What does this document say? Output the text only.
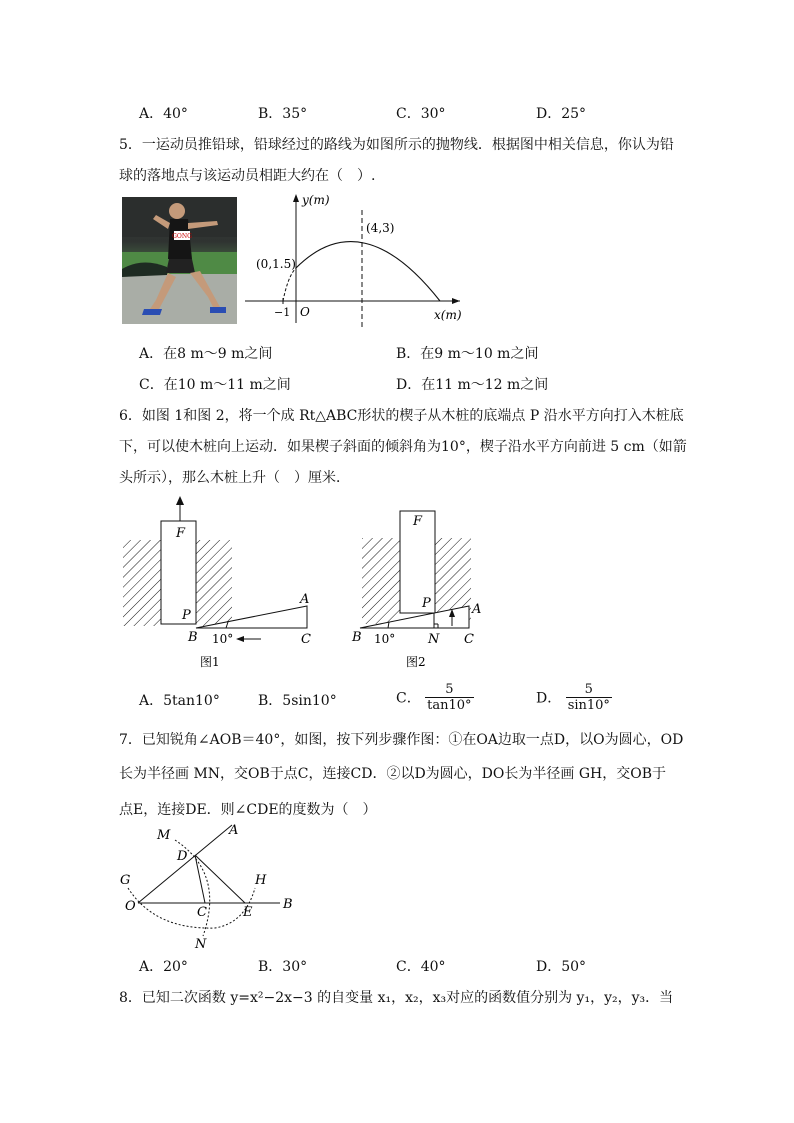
A．40°	B．35°	C．30°	D．25°
5．一运动员推铅球，铅球经过的路线为如图所示的抛物线．根据图中相关信息，你认为铅
球的落地点与该运动员相距大约在（　）.
GONG
y(m)
x(m)
O
−1
(0,1.5)
(4,3)
A．在8 m～9 m之间	B．在9 m～10 m之间
C．在10 m～11 m之间	D．在11 m～12 m之间
6．如图 1和图 2，将一个成 Rt△ABC形状的楔子从木桩的底端点 P 沿水平方向打入木桩底
下，可以使木桩向上运动．如果楔子斜面的倾斜角为10°，楔子沿水平方向前进 5 cm（如箭
头所示），那么木桩上升（　）厘米．
F
P
A
B	C
10°
图1
F
P	A
B	N C
10°
图2
A．5tan10°	B．5sin10°	C． $\frac{5}{\tan 10^\circ}$	D． $\frac{5}{\sin 10^\circ}$
7．已知锐角∠AOB＝40°，如图，按下列步骤作图：①在OA边取一点D，以O为圆心，OD
长为半径画 MN，交OB于点C，连接CD．②以D为圆心，DO长为半径画 GH，交OB于
点E，连接DE．则∠CDE的度数为（　）
M	A
D
G	H
O	C	E
B
N
A．20°	B．30°	C．40°	D．50°
8．已知二次函数 y=x²−2x−3 的自变量 x₁，x₂，x₃对应的函数值分别为 y₁，y₂，y₃．当
